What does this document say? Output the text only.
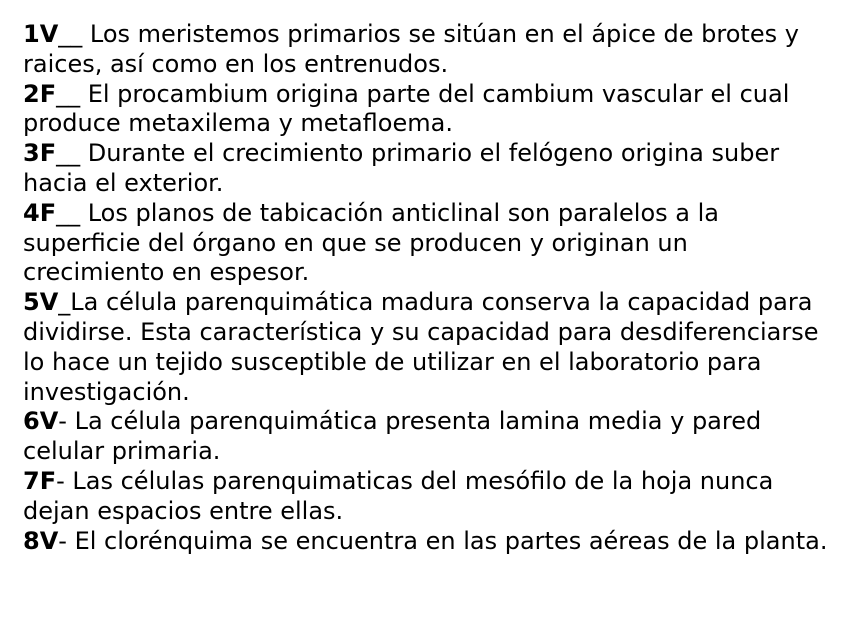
1V__ Los meristemos primarios se sitúan en el ápice de brotes y raices, así como en los entrenudos.

2F__ El procambium origina parte del cambium vascular el cual produce metaxilema y metafloema.

3F__ Durante el crecimiento primario el felógeno origina suber hacia el exterior.

4F__ Los planos de tabicación anticlinal son paralelos a la superficie del órgano en que se producen y originan un crecimiento en espesor.

5V_La célula parenquimática madura conserva la capacidad para dividirse. Esta característica y su capacidad para desdiferenciarse lo hace un tejido susceptible de utilizar en el laboratorio para investigación.

6V- La célula parenquimática presenta lamina media y pared celular primaria.

7F- Las células parenquimaticas del mesófilo de la hoja nunca dejan espacios entre ellas.

8V- El clorénquima se encuentra en las partes aéreas de la planta.
